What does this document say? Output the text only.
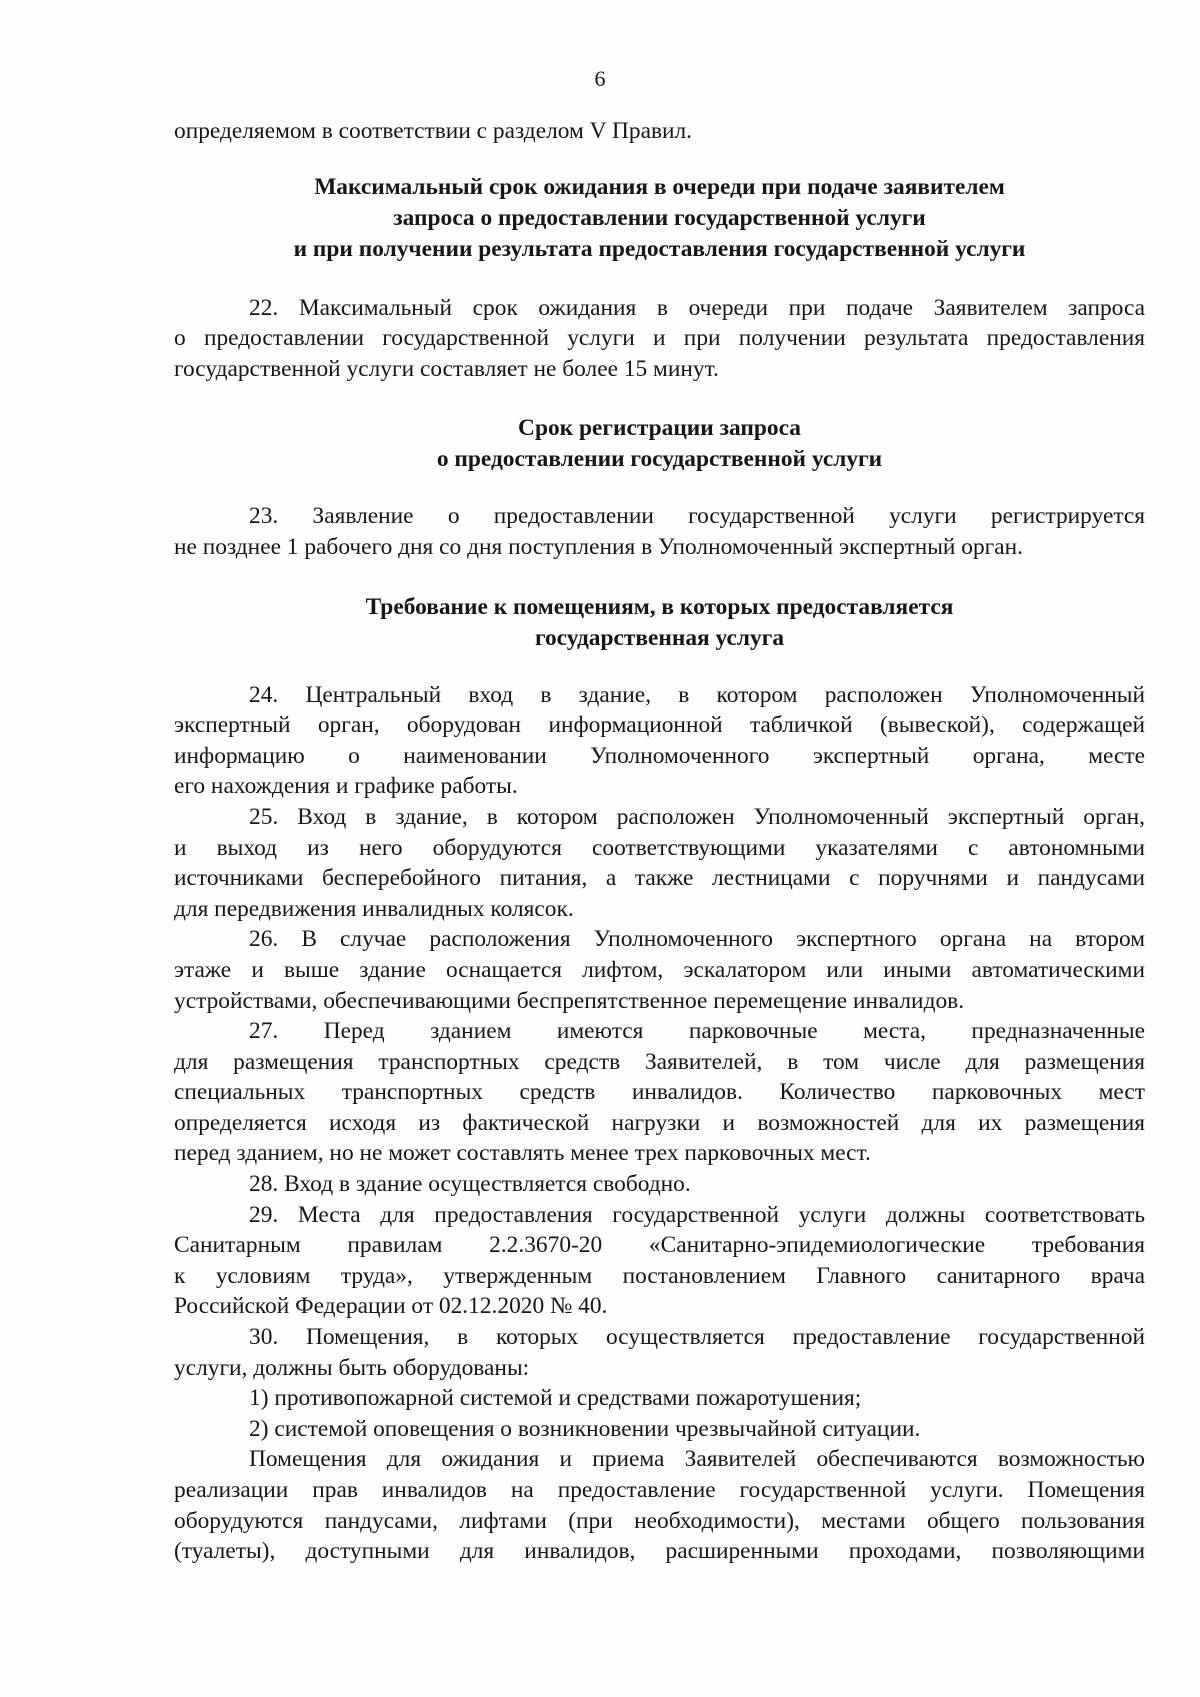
6

определяемом в соответствии с разделом V Правил.

Максимальный срок ожидания в очереди при подаче заявителем
запроса о предоставлении государственной услуги
и при получении результата предоставления государственной услуги

22. Максимальный срок ожидания в очереди при подаче Заявителем запроса

о предоставлении государственной услуги и при получении результата предоставления

государственной услуги составляет не более 15 минут.

Срок регистрации запроса
о предоставлении государственной услуги

23. Заявление о предоставлении государственной услуги регистрируется

не позднее 1 рабочего дня со дня поступления в Уполномоченный экспертный орган.

Требование к помещениям, в которых предоставляется
государственная услуга

24. Центральный вход в здание, в котором расположен Уполномоченный

экспертный орган, оборудован информационной табличкой (вывеской), содержащей

информацию о наименовании Уполномоченного экспертный органа, месте

его нахождения и графике работы.

25. Вход в здание, в котором расположен Уполномоченный экспертный орган,

и выход из него оборудуются соответствующими указателями с автономными

источниками бесперебойного питания, а также лестницами с поручнями и пандусами

для передвижения инвалидных колясок.

26. В случае расположения Уполномоченного экспертного органа на втором

этаже и выше здание оснащается лифтом, эскалатором или иными автоматическими

устройствами, обеспечивающими беспрепятственное перемещение инвалидов.

27. Перед зданием имеются парковочные места, предназначенные

для размещения транспортных средств Заявителей, в том числе для размещения

специальных транспортных средств инвалидов. Количество парковочных мест

определяется исходя из фактической нагрузки и возможностей для их размещения

перед зданием, но не может составлять менее трех парковочных мест.

28. Вход в здание осуществляется свободно.

29. Места для предоставления государственной услуги должны соответствовать

Санитарным правилам 2.2.3670-20 «Санитарно-эпидемиологические требования

к условиям труда», утвержденным постановлением Главного санитарного врача

Российской Федерации от 02.12.2020 № 40.

30. Помещения, в которых осуществляется предоставление государственной

услуги, должны быть оборудованы:

1) противопожарной системой и средствами пожаротушения;

2) системой оповещения о возникновении чрезвычайной ситуации.

Помещения для ожидания и приема Заявителей обеспечиваются возможностью

реализации прав инвалидов на предоставление государственной услуги. Помещения

оборудуются пандусами, лифтами (при необходимости), местами общего пользования

(туалеты), доступными для инвалидов, расширенными проходами, позволяющими
